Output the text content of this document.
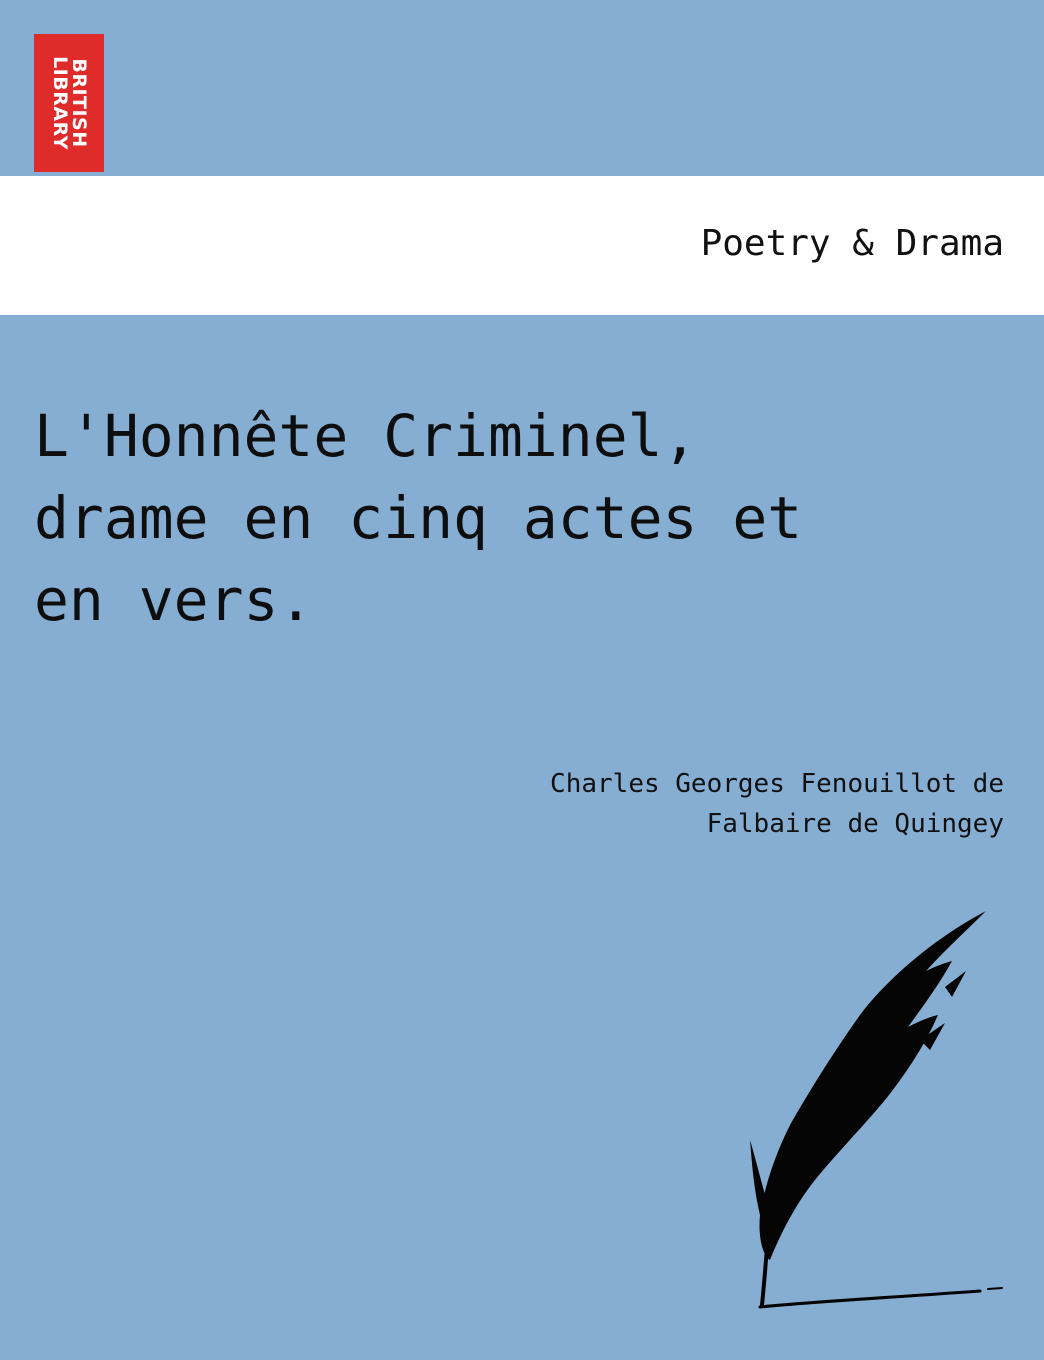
BRITISH
LIBRARY
Poetry & Drama
L'Honnête Criminel,
drame en cinq actes et
en vers.
Charles Georges Fenouillot de
Falbaire de Quingey
